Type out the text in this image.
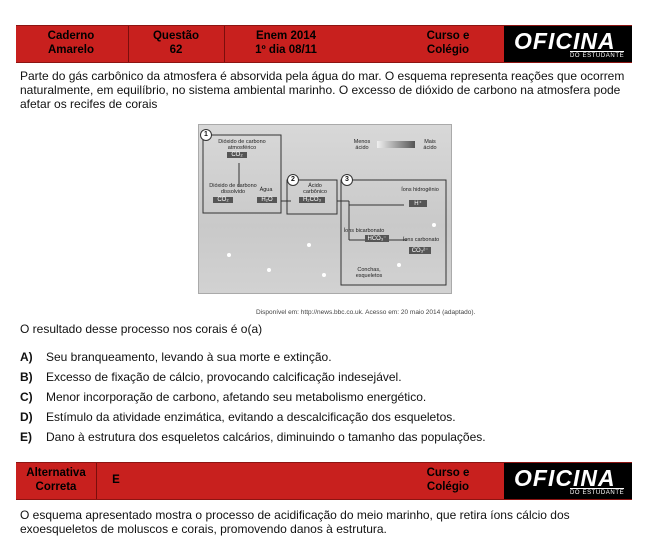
Caderno
Amarelo
Questão
62
Enem 2014
1º dia 08/11
Curso e
Colégio	OFICINA
DO ESTUDANTE
Parte do gás carbônico da atmosfera é absorvida pela água do mar. O esquema representa reações que ocorrem naturalmente, em equilíbrio, no sistema ambiental marinho. O excesso de dióxido de carbono na atmosfera pode afetar os recifes de corais
1
2	3
Dióxido de carbono
atmosférico
CO₂
Dióxido de carbono
dissolvido
CO₂
Água
H₂O
Ácido
carbônico
H₂CO₃
Íons hidrogênio
H⁺
Íons bicarbonato
HCO₃⁻	Íons carbonato
CO₃²⁻
Conchas,
esqueletos
Menos
ácido
Mais
ácido
Disponível em: http://news.bbc.co.uk. Acesso em: 20 maio 2014 (adaptado).
O resultado desse processo nos corais é o(a)
A) Seu branqueamento, levando à sua morte e extinção.
B) Excesso de fixação de cálcio, provocando calcificação indesejável.
C) Menor incorporação de carbono, afetando seu metabolismo energético.
D) Estímulo da atividade enzimática, evitando a descalcificação dos esqueletos.
E) Dano à estrutura dos esqueletos calcários, diminuindo o tamanho das populações.
Alternativa
Correta
E
Curso e
Colégio	OFICINA
DO ESTUDANTE
O esquema apresentado mostra o processo de acidificação do meio marinho, que retira íons cálcio dos exoesqueletos de moluscos e corais, promovendo danos à estrutura.
